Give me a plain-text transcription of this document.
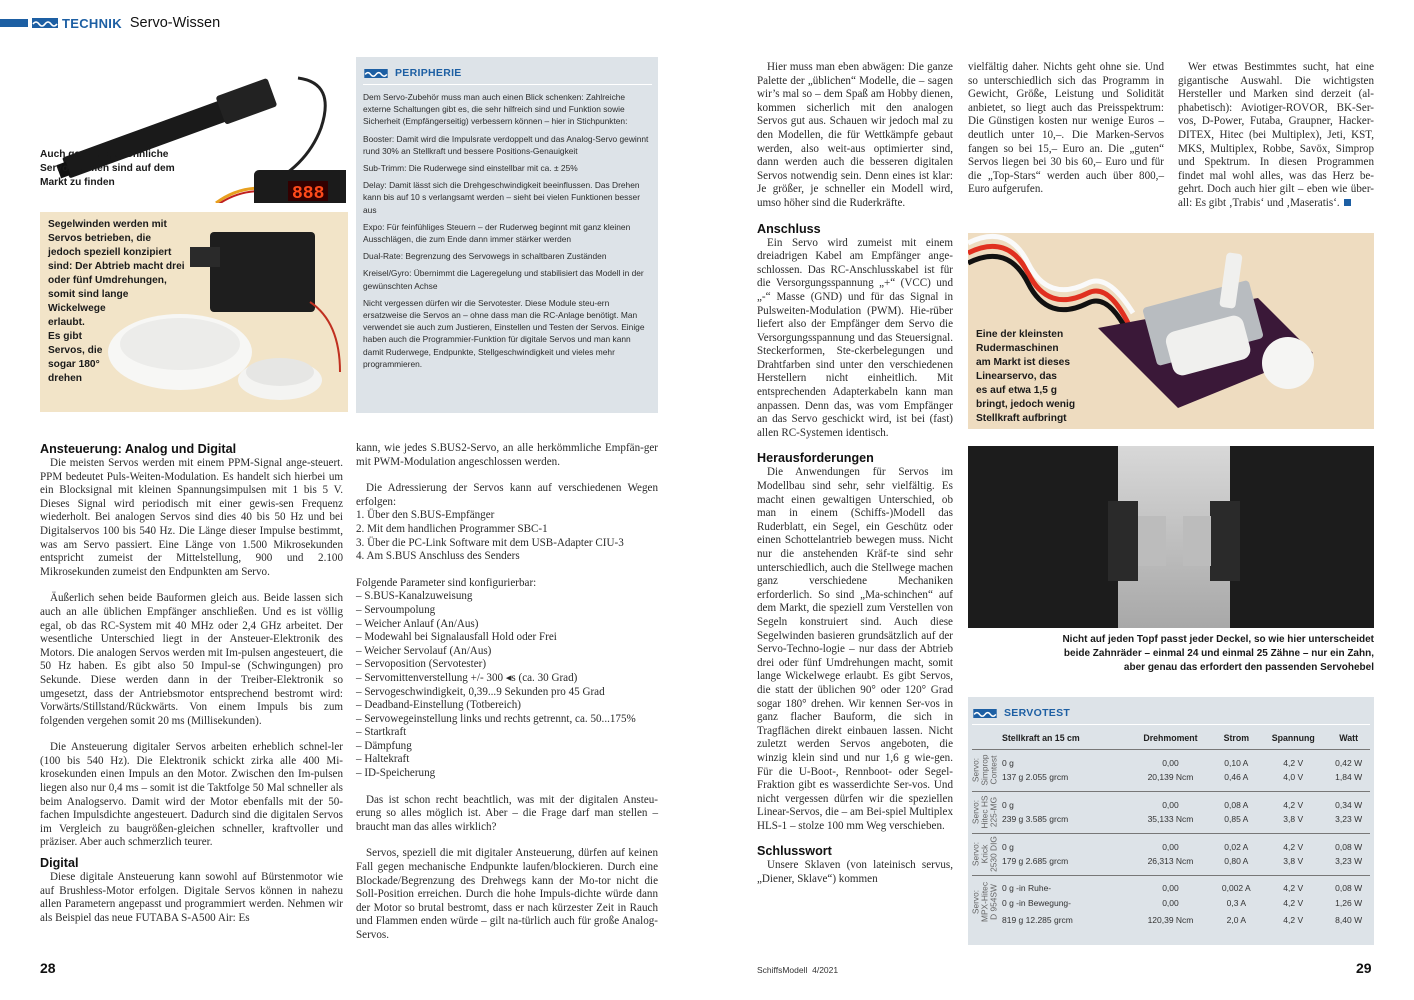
TECHNIK Servo-Wissen
888
Auch ganz ungewöhnliche Servo-Formen sind auf dem Markt zu finden
Segelwinden werden mit
Servos betrieben, die
jedoch speziell konzipiert
sind: Der Abtrieb macht drei
oder fünf Umdrehungen,
somit sind lange
Wickelwege
erlaubt.
Es gibt
Servos, die
sogar 180°
drehen
PERIPHERIE

Dem Servo-Zubehör muss man auch einen Blick schenken: Zahlreiche externe Schaltungen gibt es, die sehr hilfreich sind und Funktion sowie Sicherheit (Empfängerseitig) verbessern können – hier in Stichpunkten:

Booster: Damit wird die Impulsrate verdoppelt und das Analog-Servo gewinnt rund 30% an Stellkraft und bessere Positions-Genauigkeit

Sub-Trimm: Die Ruderwege sind einstellbar mit ca. ± 25%

Delay: Damit lässt sich die Drehgeschwindigkeit beeinflussen. Das Drehen kann bis auf 10 s verlangsamt werden – sieht bei vielen Funktionen besser aus

Expo: Für feinfühliges Steuern – der Ruderweg beginnt mit ganz kleinen Ausschlägen, die zum Ende dann immer stärker werden

Dual-Rate: Begrenzung des Servowegs in schaltbaren Zuständen

Kreisel/Gyro: Übernimmt die Lageregelung und stabilisiert das Modell in der gewünschten Achse

Nicht vergessen dürfen wir die Servotester. Diese Module steu-ern ersatzweise die Servos an – ohne dass man die RC-Anlage benötigt. Man verwendet sie auch zum Justieren, Einstellen und Testen der Servos. Einige haben auch die Programmier-Funktion für digitale Servos und man kann damit Ruderwege, Endpunkte, Stellgeschwindigkeit und vieles mehr programmieren.

Ansteuerung: Analog und Digital

Die meisten Servos werden mit einem PPM-Signal ange-steuert. PPM bedeutet Puls-Weiten-Modulation. Es handelt sich hierbei um ein Blocksignal mit kleinen Spannungsimpulsen mit 1 bis 5 V. Dieses Signal wird periodisch mit einer gewis-sen Frequenz wiederholt. Bei analogen Servos sind dies 40 bis 50 Hz und bei Digitalservos 100 bis 540 Hz. Die Länge dieser Impulse bestimmt, was am Servo passiert. Eine Länge von 1.500 Mikrosekunden entspricht zumeist der Mittelstellung, 900 und 2.100 Mikrosekunden zumeist den Endpunkten am Servo.

Äußerlich sehen beide Bauformen gleich aus. Beide lassen sich auch an alle üblichen Empfänger anschließen. Und es ist völlig egal, ob das RC-System mit 40 MHz oder 2,4 GHz arbeitet. Der wesentliche Unterschied liegt in der Ansteuer-Elektronik des Motors. Die analogen Servos werden mit Im-pulsen angesteuert, die 50 Hz haben. Es gibt also 50 Impul-se (Schwingungen) pro Sekunde. Diese werden dann in der Treiber-Elektronik so umgesetzt, dass der Antriebsmotor entsprechend bestromt wird: Vorwärts/Stillstand/Rückwärts. Von einem Impuls bis zum folgenden vergehen somit 20 ms (Millisekunden).

Die Ansteuerung digitaler Servos arbeiten erheblich schnel-ler (100 bis 540 Hz). Die Elektronik schickt zirka alle 400 Mi-krosekunden einen Impuls an den Motor. Zwischen den Im-pulsen liegen also nur 0,4 ms – somit ist die Taktfolge 50 Mal schneller als beim Analogservo. Damit wird der Motor ebenfalls mit der 50-fachen Impulsdichte angesteuert. Dadurch sind die digitalen Servos im Vergleich zu baugrößen-gleichen schneller, kraftvoller und präziser. Aber auch schmerzlich teurer.

Digital

Diese digitale Ansteuerung kann sowohl auf Bürstenmotor wie auf Brushless-Motor erfolgen. Digitale Servos können in nahezu allen Parametern angepasst und programmiert werden. Nehmen wir als Beispiel das neue FUTABA S-A500 Air: Es

kann, wie jedes S.BUS2-Servo, an alle herkömmliche Empfän-ger mit PWM-Modulation angeschlossen werden.

Die Adressierung der Servos kann auf verschiedenen Wegen erfolgen:

1. Über den S.BUS-Empfänger
2. Mit dem handlichen Programmer SBC-1
3. Über die PC-Link Software mit dem USB-Adapter CIU-3
4. Am S.BUS Anschluss des Senders

Folgende Parameter sind konfigurierbar:

– S.BUS-Kanalzuweisung
– Servoumpolung
– Weicher Anlauf (An/Aus)
– Modewahl bei Signalausfall Hold oder Frei
– Weicher Servolauf (An/Aus)
– Servoposition (Servotester)
– Servomittenverstellung +/- 300 ◂s (ca. 30 Grad)
– Servogeschwindigkeit, 0,39...9 Sekunden pro 45 Grad
– Deadband-Einstellung (Totbereich)
– Servowegeinstellung links und rechts getrennt, ca. 50...175%
– Startkraft
– Dämpfung
– Haltekraft
– ID-Speicherung

Das ist schon recht beachtlich, was mit der digitalen Ansteu-erung so alles möglich ist. Aber – die Frage darf man stellen – braucht man das alles wirklich?

Servos, speziell die mit digitaler Ansteuerung, dürfen auf keinen Fall gegen mechanische Endpunkte laufen/blockieren. Durch eine Blockade/Begrenzung des Drehwegs kann der Mo-tor nicht die Soll-Position erreichen. Durch die hohe Impuls-dichte würde dann der Motor so brutal bestromt, dass er nach kürzester Zeit in Rauch und Flammen enden würde – gilt na-türlich auch für große Analog-Servos.

Hier muss man eben abwägen: Die ganze Palette der „üblichen“ Modelle, die – sagen wir’s mal so – dem Spaß am Hobby dienen, kommen sicherlich mit den analogen Servos gut aus. Schauen wir jedoch mal zu den Modellen, die für Wettkämpfe gebaut werden, also weit-aus optimierter sind, dann werden auch die besseren digitalen Servos notwendig sein. Denn eines ist klar: Je größer, je schneller ein Modell wird, umso höher sind die Ruderkräfte.

Anschluss

Ein Servo wird zumeist mit einem dreiadrigen Kabel am Empfänger ange-schlossen. Das RC-Anschlusskabel ist für die Versorgungsspannung „+“ (VCC) und „-“ Masse (GND) und für das Signal in Pulsweiten-Modulation (PWM). Hie-rüber liefert also der Empfänger dem Servo die Versorgungsspannung und das Steuersignal. Steckerformen, Ste-ckerbelegungen und Drahtfarben sind unter den verschiedenen Herstellern nicht einheitlich. Mit entsprechenden Adapterkabeln kann man anpassen. Denn das, was vom Empfänger an das Servo geschickt wird, ist bei (fast) allen RC-Systemen identisch.

Herausforderungen

Die Anwendungen für Servos im Modellbau sind sehr, sehr vielfältig. Es macht einen gewaltigen Unterschied, ob man in einem (Schiffs-)Modell das Ruderblatt, ein Segel, ein Geschütz oder einen Schottelantrieb bewegen muss. Nicht nur die anstehenden Kräf-te sind sehr unterschiedlich, auch die Stellwege machen ganz verschiedene Mechaniken erforderlich. So sind „Ma-schinchen“ auf dem Markt, die speziell zum Verstellen von Segeln konstruiert sind. Auch diese Segelwinden basieren grundsätzlich auf der Servo-Techno-logie – nur dass der Abtrieb drei oder fünf Umdrehungen macht, somit lange Wickelwege erlaubt. Es gibt Servos, die statt der üblichen 90° oder 120° Grad sogar 180° drehen. Wir kennen Ser-vos in ganz flacher Bauform, die sich in Tragflächen direkt einbauen lassen. Nicht zuletzt werden Servos angeboten, die winzig klein sind und nur 1,6 g wie-gen. Für die U-Boot-, Rennboot- oder Segel-Fraktion gibt es wasserdichte Ser-vos. Und nicht vergessen dürfen wir die speziellen Linear-Servos, die – am Bei-spiel Multiplex HLS-1 – stolze 100 mm Weg verschieben.

Schlusswort

Unsere Sklaven (von lateinisch servus, „Diener, Sklave“) kommen

vielfältig daher. Nichts geht ohne sie. Und so unterschiedlich sich das Programm in Gewicht, Größe, Leistung und Solidität anbietet, so liegt auch das Preisspektrum: Die Günstigen kosten nur wenige Euros – deutlich unter 10,–. Die Marken-Servos fangen so bei 15,– Euro an. Die „guten“ Servos liegen bei 30 bis 60,– Euro und für die „Top-Stars“ werden auch über 800,– Euro aufgerufen.

Wer etwas Bestimmtes sucht, hat eine gigantische Auswahl. Die wichtigsten Hersteller und Marken sind derzeit (al-phabetisch): Aviotiger-ROVOR, BK-Ser-vos, D-Power, Futaba, Graupner, Hacker-DITEX, Hitec (bei Multiplex), Jeti, KST, MKS, Multiplex, Robbe, Savöx, Simprop und Spektrum. In diesen Programmen findet mal wohl alles, was das Herz be-gehrt. Doch auch hier gilt – eben wie über-all: Es gibt ‚Trabis‘ und ‚Maseratis‘.

Eine der kleinsten
Rudermaschinen
am Markt ist dieses
Linearservo, das
es auf etwa 1,5 g
bringt, jedoch wenig
Stellkraft aufbringt
Nicht auf jeden Topf passt jeder Deckel, so wie hier unterscheidet
beide Zahnräder – einmal 24 und einmal 25 Zähne – nur ein Zahn,
aber genau das erfordert den passenden Servohebel
SERVOTEST
	Stellkraft an 15 cm	Drehmoment	Strom	Spannung	Watt

Servo:
Simprop
Contest	0 g	0,00	0,10 A	4,2 V	0,42 W
	137 g 2.055 grcm	20,139 Ncm	0,46 A	4,0 V	1,84 W

Servo:
Hitec HS
225-MG	0 g	0,00	0,08 A	4,2 V	0,34 W
	239 g 3.585 grcm	35,133 Ncm	0,85 A	3,8 V	3,23 W

Servo:
Krick
2530 DIG	0 g	0,00	0,02 A	4,2 V	0,08 W
	179 g 2.685 grcm	26,313 Ncm	0,80 A	3,8 V	3,23 W

Servo:
MPX-Hitec
D 954SW	0 g -in Ruhe-	0,00	0,002 A	4,2 V	0,08 W
	0 g -in Bewegung-	0,00	0,3 A	4,2 V	1,26 W
	819 g 12.285 grcm	120,39 Ncm	2,0 A	4,2 V	8,40 W
28	SchiffsModell  4/2021	29
